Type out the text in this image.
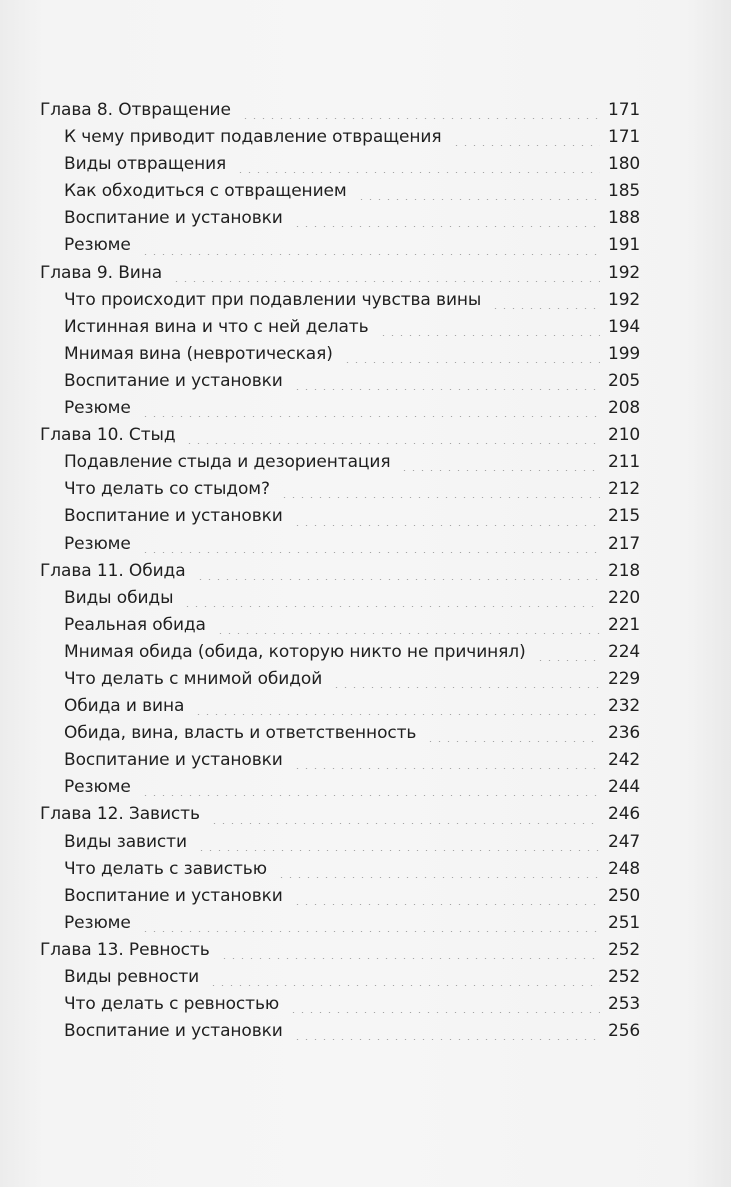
Глава 8. Отвращение	171
К чему приводит подавление отвращения	171
Виды отвращения	180
Как обходиться с отвращением	185
Воспитание и установки	188
Резюме	191
Глава 9. Вина	192
Что происходит при подавлении чувства вины	192
Истинная вина и что с ней делать	194
Мнимая вина (невротическая)	199
Воспитание и установки	205
Резюме	208
Глава 10. Стыд	210
Подавление стыда и дезориентация	211
Что делать со стыдом?	212
Воспитание и установки	215
Резюме	217
Глава 11. Обида	218
Виды обиды	220
Реальная обида	221
Мнимая обида (обида, которую никто не причинял)	224
Что делать с мнимой обидой	229
Обида и вина	232
Обида, вина, власть и ответственность	236
Воспитание и установки	242
Резюме	244
Глава 12. Зависть	246
Виды зависти	247
Что делать с завистью	248
Воспитание и установки	250
Резюме	251
Глава 13. Ревность	252
Виды ревности	252
Что делать с ревностью	253
Воспитание и установки	256
